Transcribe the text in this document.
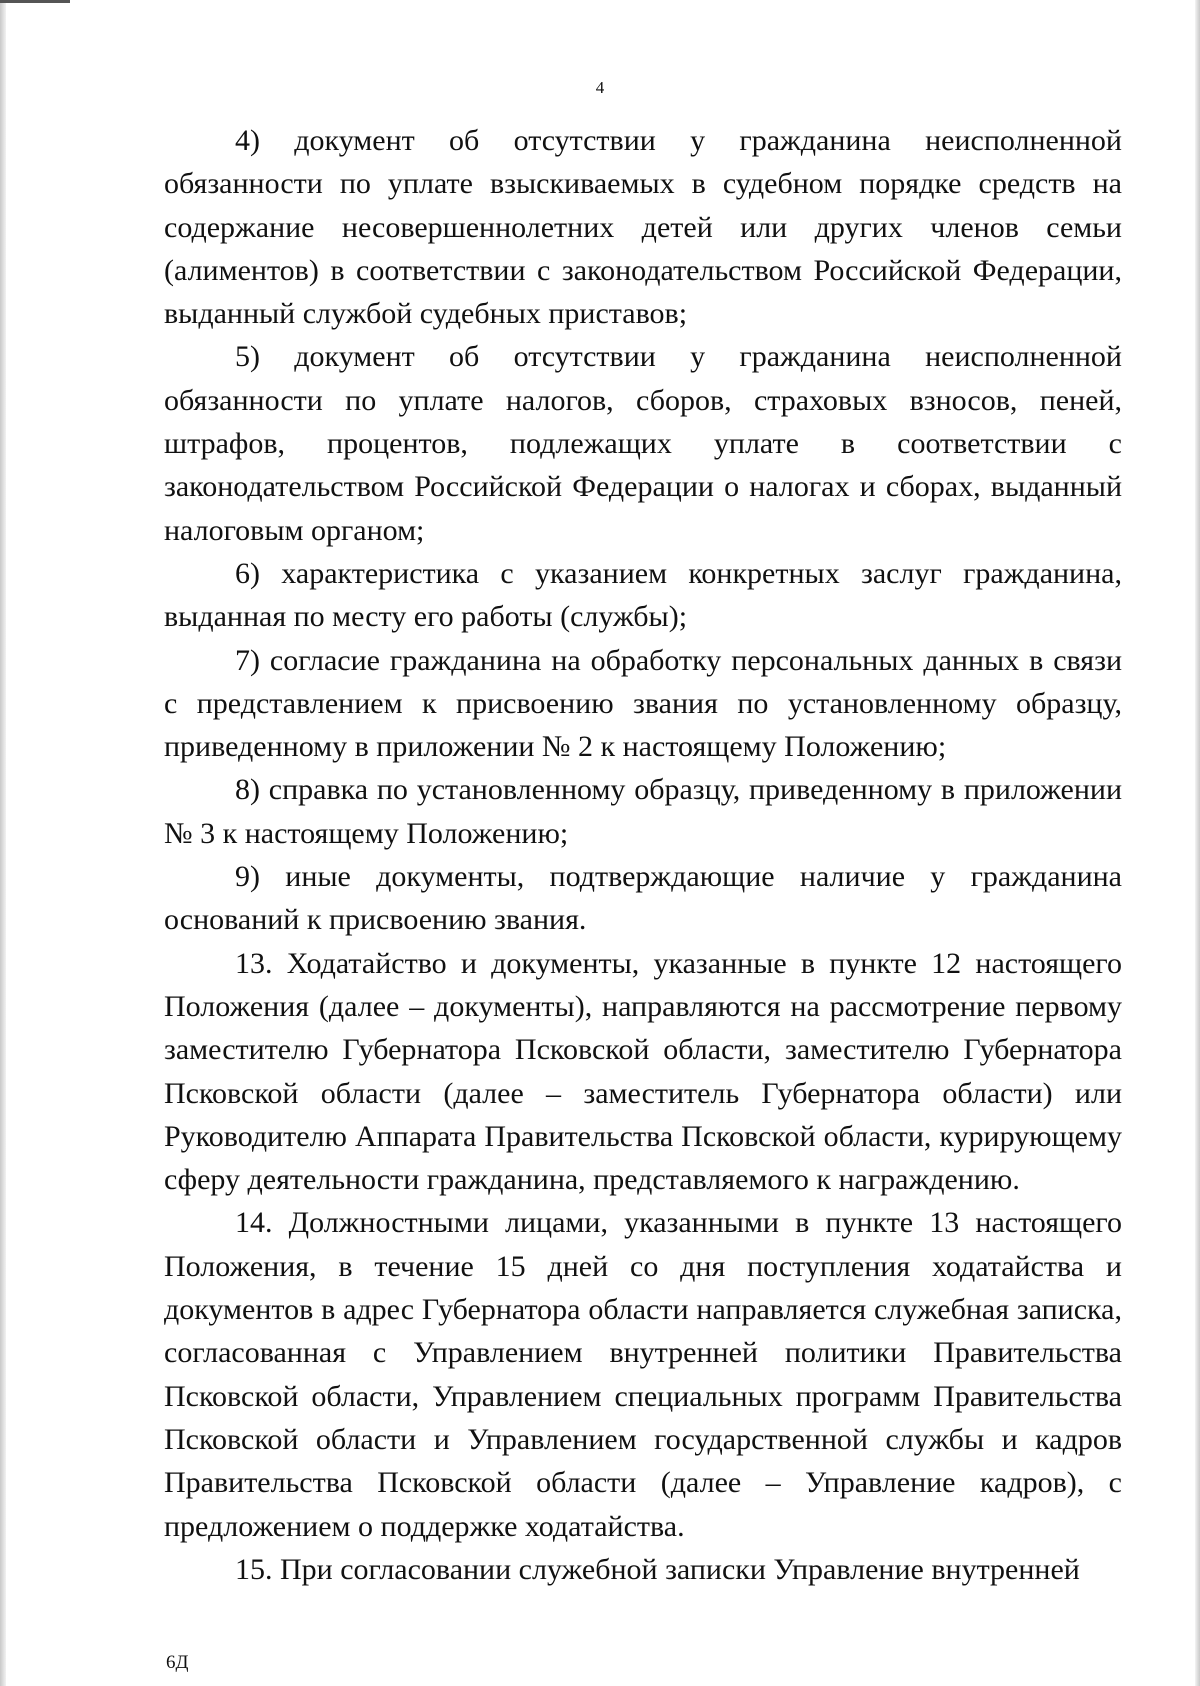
4

4) документ об отсутствии у гражданина неисполненной обязанности по уплате взыскиваемых в судебном порядке средств на содержание несовершеннолетних детей или других членов семьи (алиментов) в соответствии с законодательством Российской Федерации, выданный службой судебных приставов;

5) документ об отсутствии у гражданина неисполненной обязанности по уплате налогов, сборов, страховых взносов, пеней, штрафов, процентов, подлежащих уплате в соответствии с законодательством Российской Федерации о налогах и сборах, выданный налоговым органом;

6) характеристика с указанием конкретных заслуг гражданина, выданная по месту его работы (службы);

7) согласие гражданина на обработку персональных данных в связи с представлением к присвоению звания по установленному образцу, приведенному в приложении № 2 к настоящему Положению;

8) справка по установленному образцу, приведенному в приложении № 3 к настоящему Положению;

9) иные документы, подтверждающие наличие у гражданина оснований к присвоению звания.

13. Ходатайство и документы, указанные в пункте 12 настоящего Положения (далее – документы), направляются на рассмотрение первому заместителю Губернатора Псковской области, заместителю Губернатора Псковской области (далее – заместитель Губернатора области) или Руководителю Аппарата Правительства Псковской области, курирующему сферу деятельности гражданина, представляемого к награждению.

14. Должностными лицами, указанными в пункте 13 настоящего Положения, в течение 15 дней со дня поступления ходатайства и документов в адрес Губернатора области направляется служебная записка, согласованная с Управлением внутренней политики Правительства Псковской области, Управлением специальных программ Правительства Псковской области и Управлением государственной службы и кадров Правительства Псковской области (далее – Управление кадров), с предложением о поддержке ходатайства.

15. При согласовании служебной записки Управление внутренней

6Д
